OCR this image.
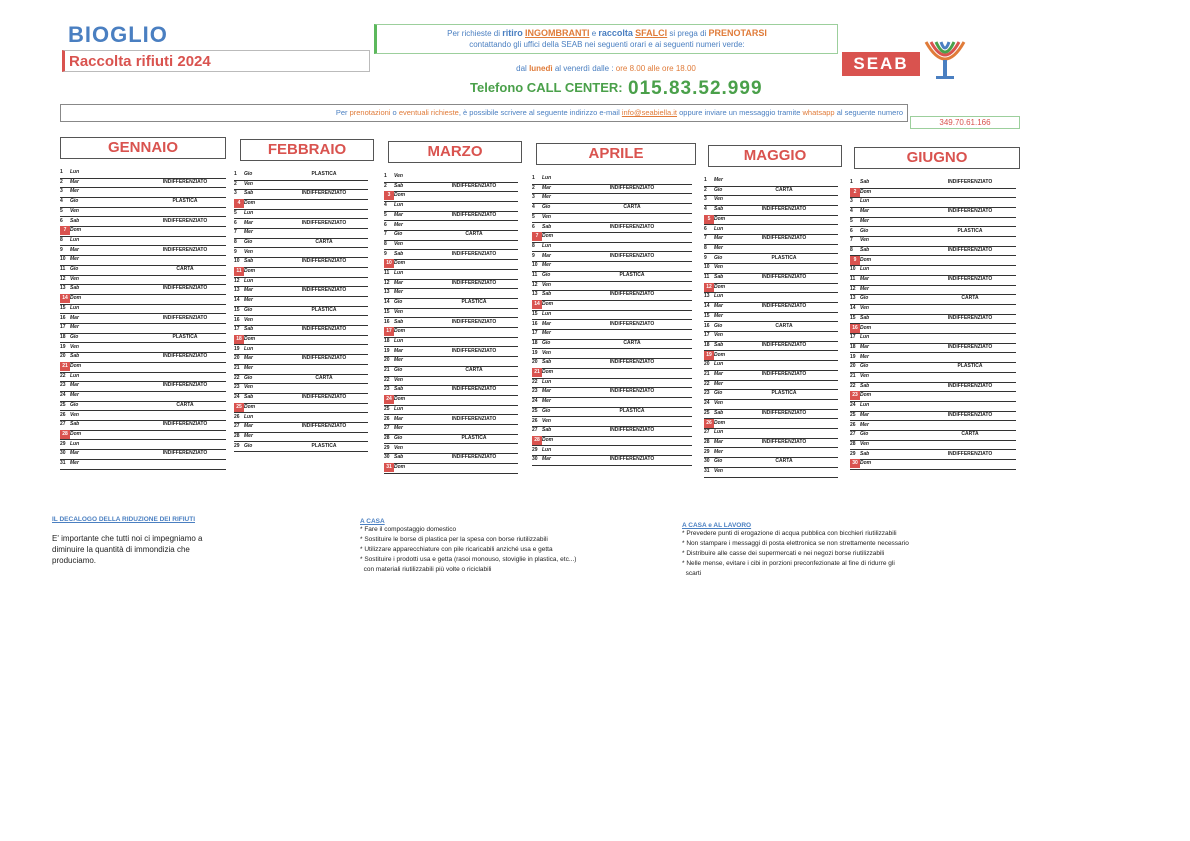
BIOGLIO
Raccolta rifiuti 2024
Per richieste di ritiro INGOMBRANTI e raccolta SFALCI si prega di PRENOTARSI
contattando gli uffici della SEAB nei seguenti orari e ai seguenti numeri verde:
dal lunedì al venerdì dalle : ore 8.00 alle ore 18.00
Telefono CALL CENTER: 015.83.52.999
SEAB
Per prenotazioni o eventuali richieste, è possibile scrivere al seguente indirizzo e-mail info@seabiella.it oppure inviare un messaggio tramite whatsapp al seguente numero
349.70.61.166
GENNAIO
1	Lun
2	Mar	INDIFFERENZIATO
3	Mer
4	Gio	PLASTICA
5	Ven
6	Sab	INDIFFERENZIATO
7 Dom
8	Lun
9	Mar	INDIFFERENZIATO
10 Mer
11 Gio	CARTA
12 Ven
13 Sab	INDIFFERENZIATO
14 Dom
15 Lun
16 Mar	INDIFFERENZIATO
17 Mer
18 Gio	PLASTICA
19 Ven
20 Sab	INDIFFERENZIATO
21 Dom
22 Lun
23 Mar	INDIFFERENZIATO
24 Mer
25 Gio	CARTA
26 Ven
27 Sab	INDIFFERENZIATO
28 Dom
29 Lun
30 Mar	INDIFFERENZIATO
31 Mer
FEBBRAIO
1	Gio	PLASTICA
2	Ven
3	Sab	INDIFFERENZIATO
4 Dom
5	Lun
6	Mar	INDIFFERENZIATO
7	Mer
8	Gio	CARTA
9	Ven
10 Sab	INDIFFERENZIATO
11 Dom
12 Lun
13 Mar	INDIFFERENZIATO
14 Mer
15 Gio	PLASTICA
16 Ven
17 Sab	INDIFFERENZIATO
18 Dom
19 Lun
20 Mar	INDIFFERENZIATO
21 Mer
22 Gio	CARTA
23 Ven
24 Sab	INDIFFERENZIATO
25 Dom
26 Lun
27 Mar	INDIFFERENZIATO
28 Mer
29 Gio	PLASTICA
MARZO
1	Ven
2	Sab	INDIFFERENZIATO
3 Dom
4	Lun
5	Mar	INDIFFERENZIATO
6	Mer
7	Gio	CARTA
8	Ven
9	Sab	INDIFFERENZIATO
10 Dom
11 Lun
12 Mar	INDIFFERENZIATO
13 Mer
14 Gio	PLASTICA
15 Ven
16 Sab	INDIFFERENZIATO
17 Dom
18 Lun
19 Mar	INDIFFERENZIATO
20 Mer
21 Gio	CARTA
22 Ven
23 Sab	INDIFFERENZIATO
24 Dom
25 Lun
26 Mar	INDIFFERENZIATO
27 Mer
28 Gio	PLASTICA
29 Ven
30 Sab	INDIFFERENZIATO
31 Dom
APRILE
1	Lun
2	Mar	INDIFFERENZIATO
3	Mer
4	Gio	CARTA
5	Ven
6	Sab	INDIFFERENZIATO
7 Dom
8	Lun
9	Mar	INDIFFERENZIATO
10 Mer
11 Gio	PLASTICA
12 Ven
13 Sab	INDIFFERENZIATO
14 Dom
15 Lun
16 Mar	INDIFFERENZIATO
17 Mer
18 Gio	CARTA
19 Ven
20 Sab	INDIFFERENZIATO
21 Dom
22 Lun
23 Mar	INDIFFERENZIATO
24 Mer
25 Gio	PLASTICA
26 Ven
27 Sab	INDIFFERENZIATO
28 Dom
29 Lun
30 Mar	INDIFFERENZIATO
MAGGIO
1	Mer
2	Gio	CARTA
3	Ven
4	Sab	INDIFFERENZIATO
5 Dom
6	Lun
7	Mar	INDIFFERENZIATO
8	Mer
9	Gio	PLASTICA
10 Ven
11 Sab	INDIFFERENZIATO
12 Dom
13 Lun
14 Mar	INDIFFERENZIATO
15 Mer
16 Gio	CARTA
17 Ven
18 Sab	INDIFFERENZIATO
19 Dom
20 Lun
21 Mar	INDIFFERENZIATO
22 Mer
23 Gio	PLASTICA
24 Ven
25 Sab	INDIFFERENZIATO
26 Dom
27 Lun
28 Mar	INDIFFERENZIATO
29 Mer
30 Gio	CARTA
31 Ven
GIUGNO
1	Sab	INDIFFERENZIATO
2 Dom
3	Lun
4	Mar	INDIFFERENZIATO
5	Mer
6	Gio	PLASTICA
7	Ven
8	Sab	INDIFFERENZIATO
9 Dom
10 Lun
11 Mar	INDIFFERENZIATO
12 Mer
13 Gio	CARTA
14 Ven
15 Sab	INDIFFERENZIATO
16 Dom
17 Lun
18 Mar	INDIFFERENZIATO
19 Mer
20 Gio	PLASTICA
21 Ven
22 Sab	INDIFFERENZIATO
23 Dom
24 Lun
25 Mar	INDIFFERENZIATO
26 Mer
27 Gio	CARTA
28 Ven
29 Sab	INDIFFERENZIATO
30 Dom
IL DECALOGO DELLA RIDUZIONE DEI RIFIUTI
E' importante che tutti noi ci impegniamo a diminuire la quantità di immondizia che produciamo.
A CASA
* Fare il compostaggio domestico
* Sostituire le borse di plastica per la spesa con borse riutilizzabili
* Utilizzare apparecchiature con pile ricaricabili anziché usa e getta
* Sostituire i prodotti usa e getta (rasoi monouso, stoviglie in plastica, etc...)
con materiali riutilizzabili più volte o riciclabili
A CASA e AL LAVORO
* Prevedere punti di erogazione di acqua pubblica con bicchieri riutilizzabili
* Non stampare i messaggi di posta elettronica se non strettamente necessario
* Distribuire alle casse dei supermercati e nei negozi borse riutilizzabili
* Nelle mense, evitare i cibi in porzioni preconfezionate al fine di ridurre gli
scarti
